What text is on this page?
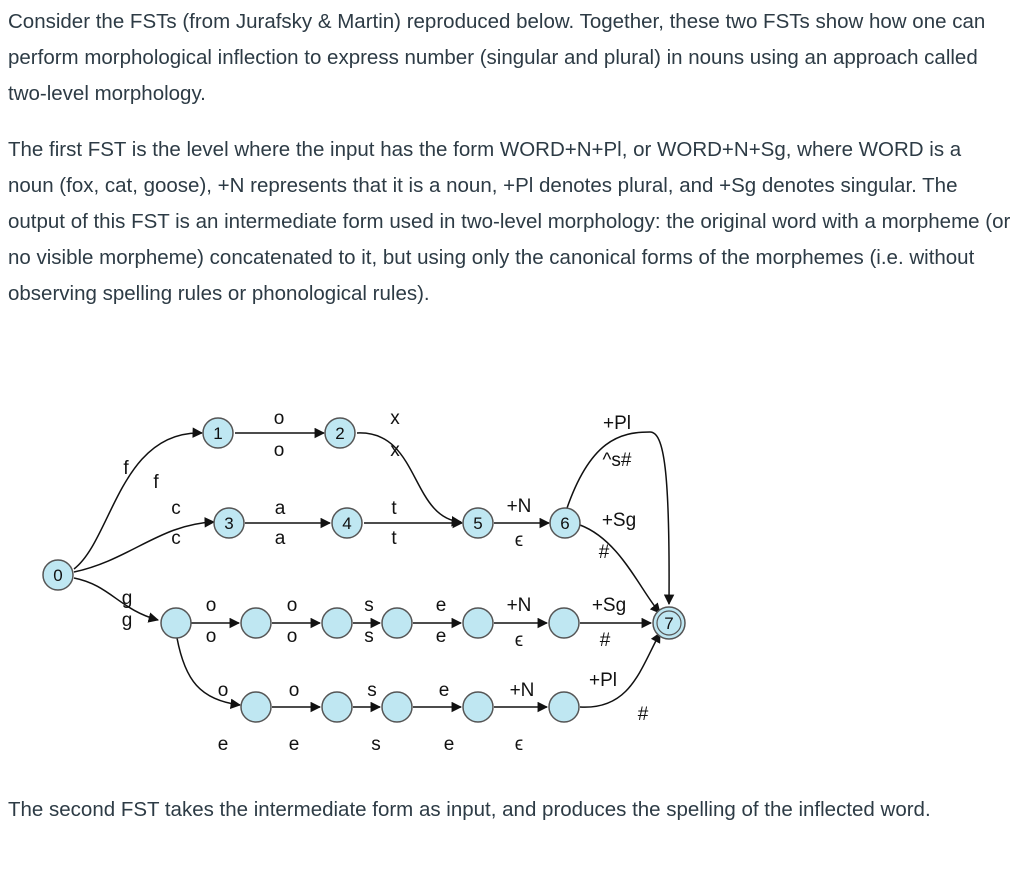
Consider the FSTs (from Jurafsky & Martin) reproduced below. Together, these two FSTs show how one can perform morphological inflection to express number (singular and plural) in nouns using an approach called two-level morphology.

The first FST is the level where the input has the form WORD+N+Pl, or WORD+N+Sg, where WORD is a noun (fox, cat, goose), +N represents that it is a noun, +Pl denotes plural, and +Sg denotes singular. The output of this FST is an intermediate form used in two-level morphology: the original word with a morpheme (or no visible morpheme) concatenated to it, but using only the canonical forms of the morphemes (i.e. without observing spelling rules or phonological rules).

0
1	2
3	4	5	6
7
f
f
c
c
g
g
o
o
x
x
a
a
t
t
+N
ϵ
+Pl
^s#
+Sg
#
o
o
o
o
s
s
e
e
+N
ϵ
+Sg
#
+Pl
#
o
e
o
e
s
s
e
e
+N
ϵ

The second FST takes the intermediate form as input, and produces the spelling of the inflected word.
